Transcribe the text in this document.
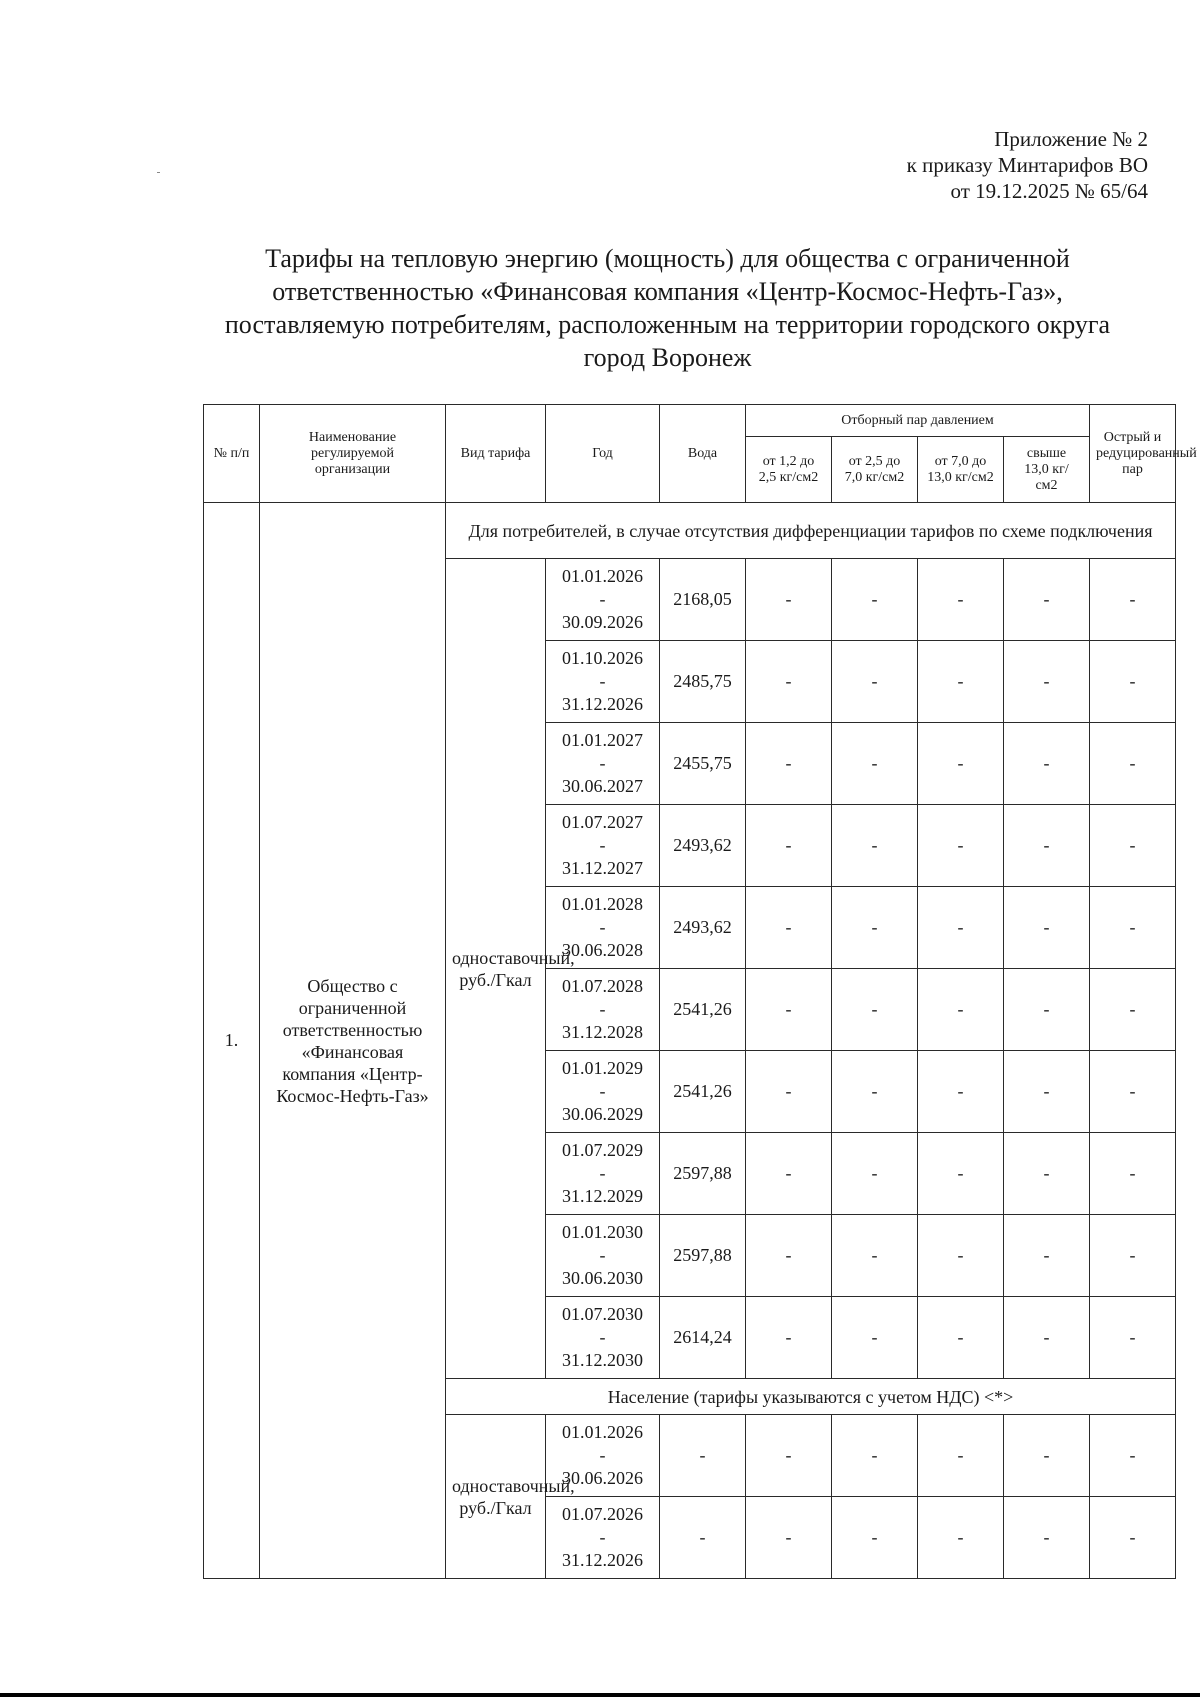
Приложение № 2
к приказу Минтарифов ВО
от 19.12.2025 № 65/64
Тарифы на тепловую энергию (мощность) для общества с ограниченной ответственностью «Финансовая компания «Центр-Космос-Нефть-Газ», поставляемую потребителям, расположенным на территории городского округа город Воронеж
№ п/п	Наименование регулируемой организации	Вид тарифа	Год	Вода	Отборный пар давлением				Острый и редуцированный пар
					от 1,2 до 2,5 кг/см2	от 2,5 до 7,0 кг/см2	от 7,0 до 13,0 кг/см2	свыше 13,0 кг/см2	
1.	Общество с ограниченной ответственностью «Финансовая компания «Центр-Космос-Нефть-Газ»	Для потребителей, в случае отсутствия дифференциации тарифов по схеме подключения							
		одноставочный, руб./Гкал	01.01.2026
-
30.09.2026	2168,05	-	-	-	-	-

			01.10.2026
-
31.12.2026	2485,75	-	-	-	-	-

			01.01.2027
-
30.06.2027	2455,75	-	-	-	-	-

			01.07.2027
-
31.12.2027	2493,62	-	-	-	-	-

			01.01.2028
-
30.06.2028	2493,62	-	-	-	-	-

			01.07.2028
-
31.12.2028	2541,26	-	-	-	-	-

			01.01.2029
-
30.06.2029	2541,26	-	-	-	-	-

			01.07.2029
-
31.12.2029	2597,88	-	-	-	-	-

			01.01.2030
-
30.06.2030	2597,88	-	-	-	-	-

			01.07.2030
-
31.12.2030	2614,24	-	-	-	-	-
		Население (тарифы указываются с учетом НДС) <*>							
		одноставочный, руб./Гкал	01.01.2026
-
30.06.2026	-	-	-	-	-	-

			01.07.2026
-
31.12.2026	-	-	-	-	-	-
